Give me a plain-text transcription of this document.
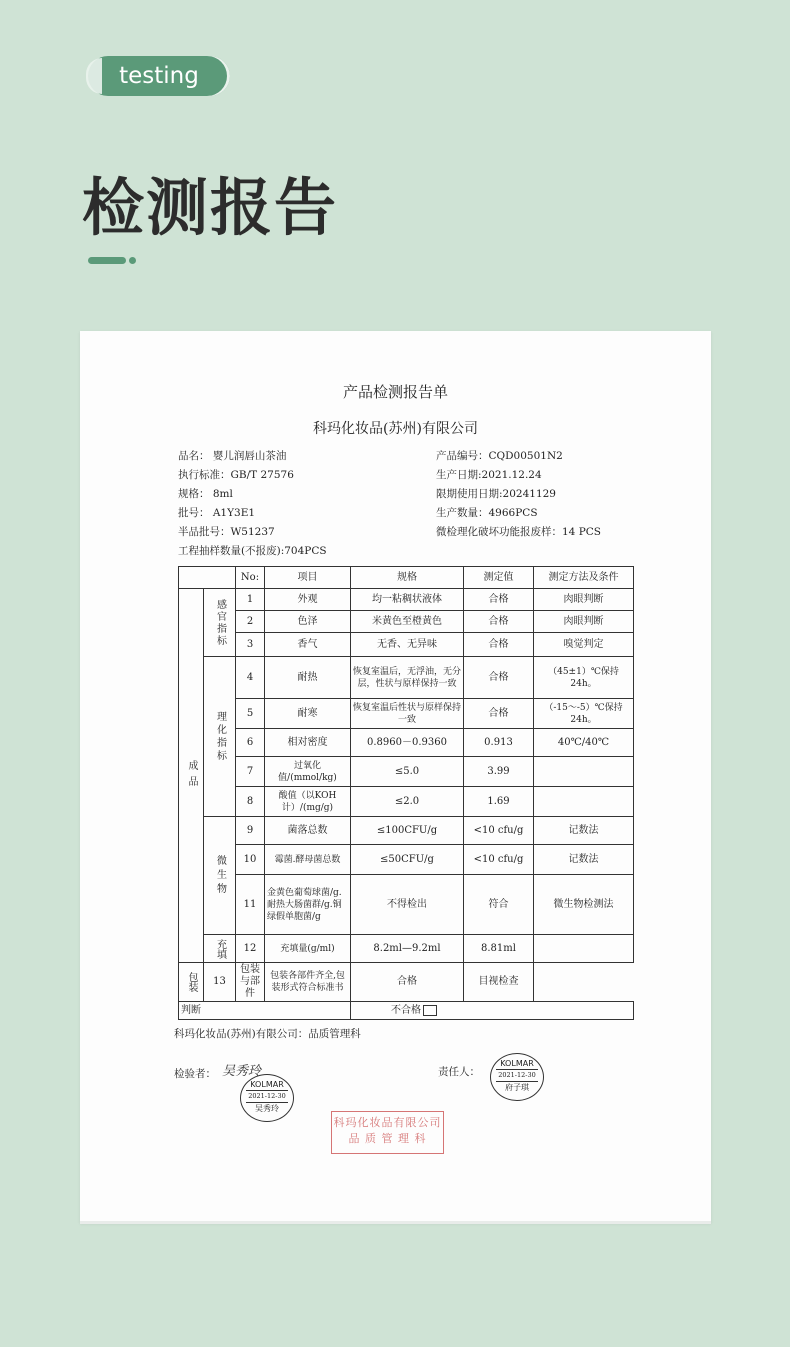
testing
检测报告
产品检测报告单
科玛化妆品(苏州)有限公司
品名： 婴儿润唇山茶油
执行标准：GB/T 27576
规格： 8ml
批号： A1Y3E1
半品批号：W51237
工程抽样数量(不报废):704PCS
产品编号：CQD00501N2
生产日期:2021.12.24
限期使用日期:20241129
生产数量：4966PCS
微检理化破坏功能报废样：14 PCS
		No:	项目	规格	测定值	测定方法及条件
成品	感官指标	1	外观	均一粘稠状液体	合格	肉眼判断
		2	色泽	米黄色至橙黄色	合格	肉眼判断
		3	香气	无香、无异味	合格	嗅觉判定
	理化指标	4	耐热	恢复室温后，无浮油，无分层，性状与原样保持一致	合格	（45±1）℃保持24h。
		5	耐寒	恢复室温后性状与原样保持一致	合格	（-15～-5）℃保持24h。
		6	相对密度	0.8960－0.9360	0.913	40℃/40℃
		7	过氧化值/(mmol/kg)	≤5.0	3.99	
		8	酸值（以KOH计）/(mg/g)	≤2.0	1.69	
	微生物	9	菌落总数	≤100CFU/g	<10 cfu/g	记数法
		10	霉菌.酵母菌总数	≤50CFU/g	<10 cfu/g	记数法
		11	金黄色葡萄球菌/g.耐热大肠菌群/g.铜绿假单胞菌/g	不得检出	符合	微生物检测法
	充填	12	充填量(g/ml)	8.2ml—9.2ml	8.81ml	
包装	13	包装与部件	包装各部件齐全,包装形式符合标准书	合格	目视检查	
判断				不合格		
科玛化妆品(苏州)有限公司：品质管理科
检验者： 吴秀玲
KOLMAR
2021-12-30
吴秀玲
责任人：
KOLMAR
2021-12-30
府子琪
科玛化妆品有限公司
品 质 管 理 科
